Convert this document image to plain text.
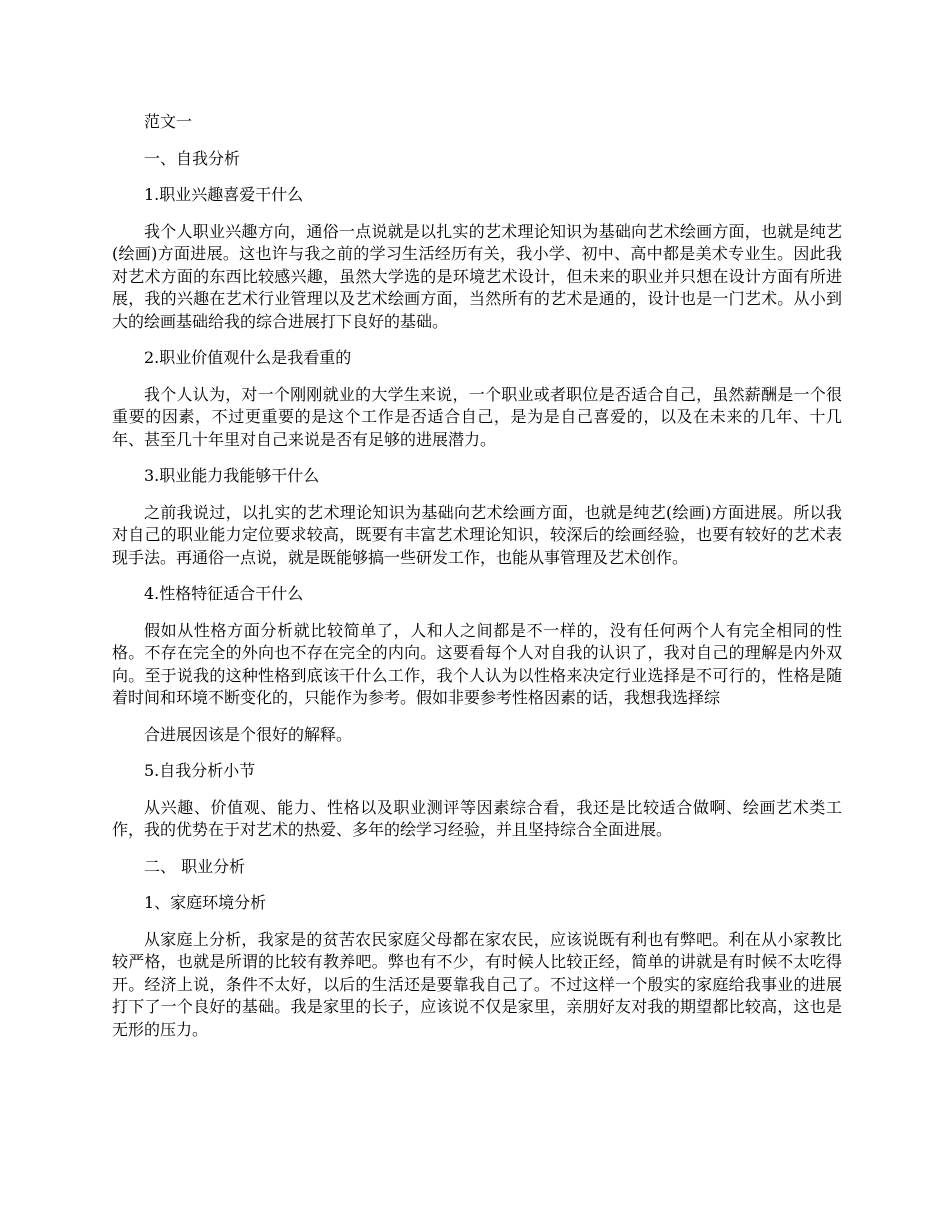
范文一

一、自我分析

1.职业兴趣喜爱干什么

我个人职业兴趣方向，通俗一点说就是以扎实的艺术理论知识为基础向艺术绘画方面，也就是纯艺(绘画)方面进展。这也许与我之前的学习生活经历有关，我小学、初中、高中都是美术专业生。因此我对艺术方面的东西比较感兴趣，虽然大学选的是环境艺术设计，但未来的职业并只想在设计方面有所进展，我的兴趣在艺术行业管理以及艺术绘画方面，当然所有的艺术是通的，设计也是一门艺术。从小到大的绘画基础给我的综合进展打下良好的基础。

2.职业价值观什么是我看重的

我个人认为，对一个刚刚就业的大学生来说，一个职业或者职位是否适合自己，虽然薪酬是一个很重要的因素，不过更重要的是这个工作是否适合自己，是为是自己喜爱的，以及在未来的几年、十几年、甚至几十年里对自己来说是否有足够的进展潜力。

3.职业能力我能够干什么

之前我说过，以扎实的艺术理论知识为基础向艺术绘画方面，也就是纯艺(绘画)方面进展。所以我对自己的职业能力定位要求较高，既要有丰富艺术理论知识，较深后的绘画经验，也要有较好的艺术表现手法。再通俗一点说，就是既能够搞一些研发工作，也能从事管理及艺术创作。

4.性格特征适合干什么

假如从性格方面分析就比较简单了，人和人之间都是不一样的，没有任何两个人有完全相同的性格。不存在完全的外向也不存在完全的内向。这要看每个人对自我的认识了，我对自己的理解是内外双向。至于说我的这种性格到底该干什么工作，我个人认为以性格来决定行业选择是不可行的，性格是随着时间和环境不断变化的，只能作为参考。假如非要参考性格因素的话，我想我选择综

合进展因该是个很好的解释。

5.自我分析小节

从兴趣、价值观、能力、性格以及职业测评等因素综合看，我还是比较适合做啊、绘画艺术类工作，我的优势在于对艺术的热爱、多年的绘学习经验，并且坚持综合全面进展。

二、 职业分析

1、家庭环境分析

从家庭上分析，我家是的贫苦农民家庭父母都在家农民，应该说既有利也有弊吧。利在从小家教比较严格，也就是所谓的比较有教养吧。弊也有不少，有时候人比较正经，简单的讲就是有时候不太吃得开。经济上说，条件不太好，以后的生活还是要靠我自己了。不过这样一个殷实的家庭给我事业的进展打下了一个良好的基础。我是家里的长子，应该说不仅是家里，亲朋好友对我的期望都比较高，这也是无形的压力。
